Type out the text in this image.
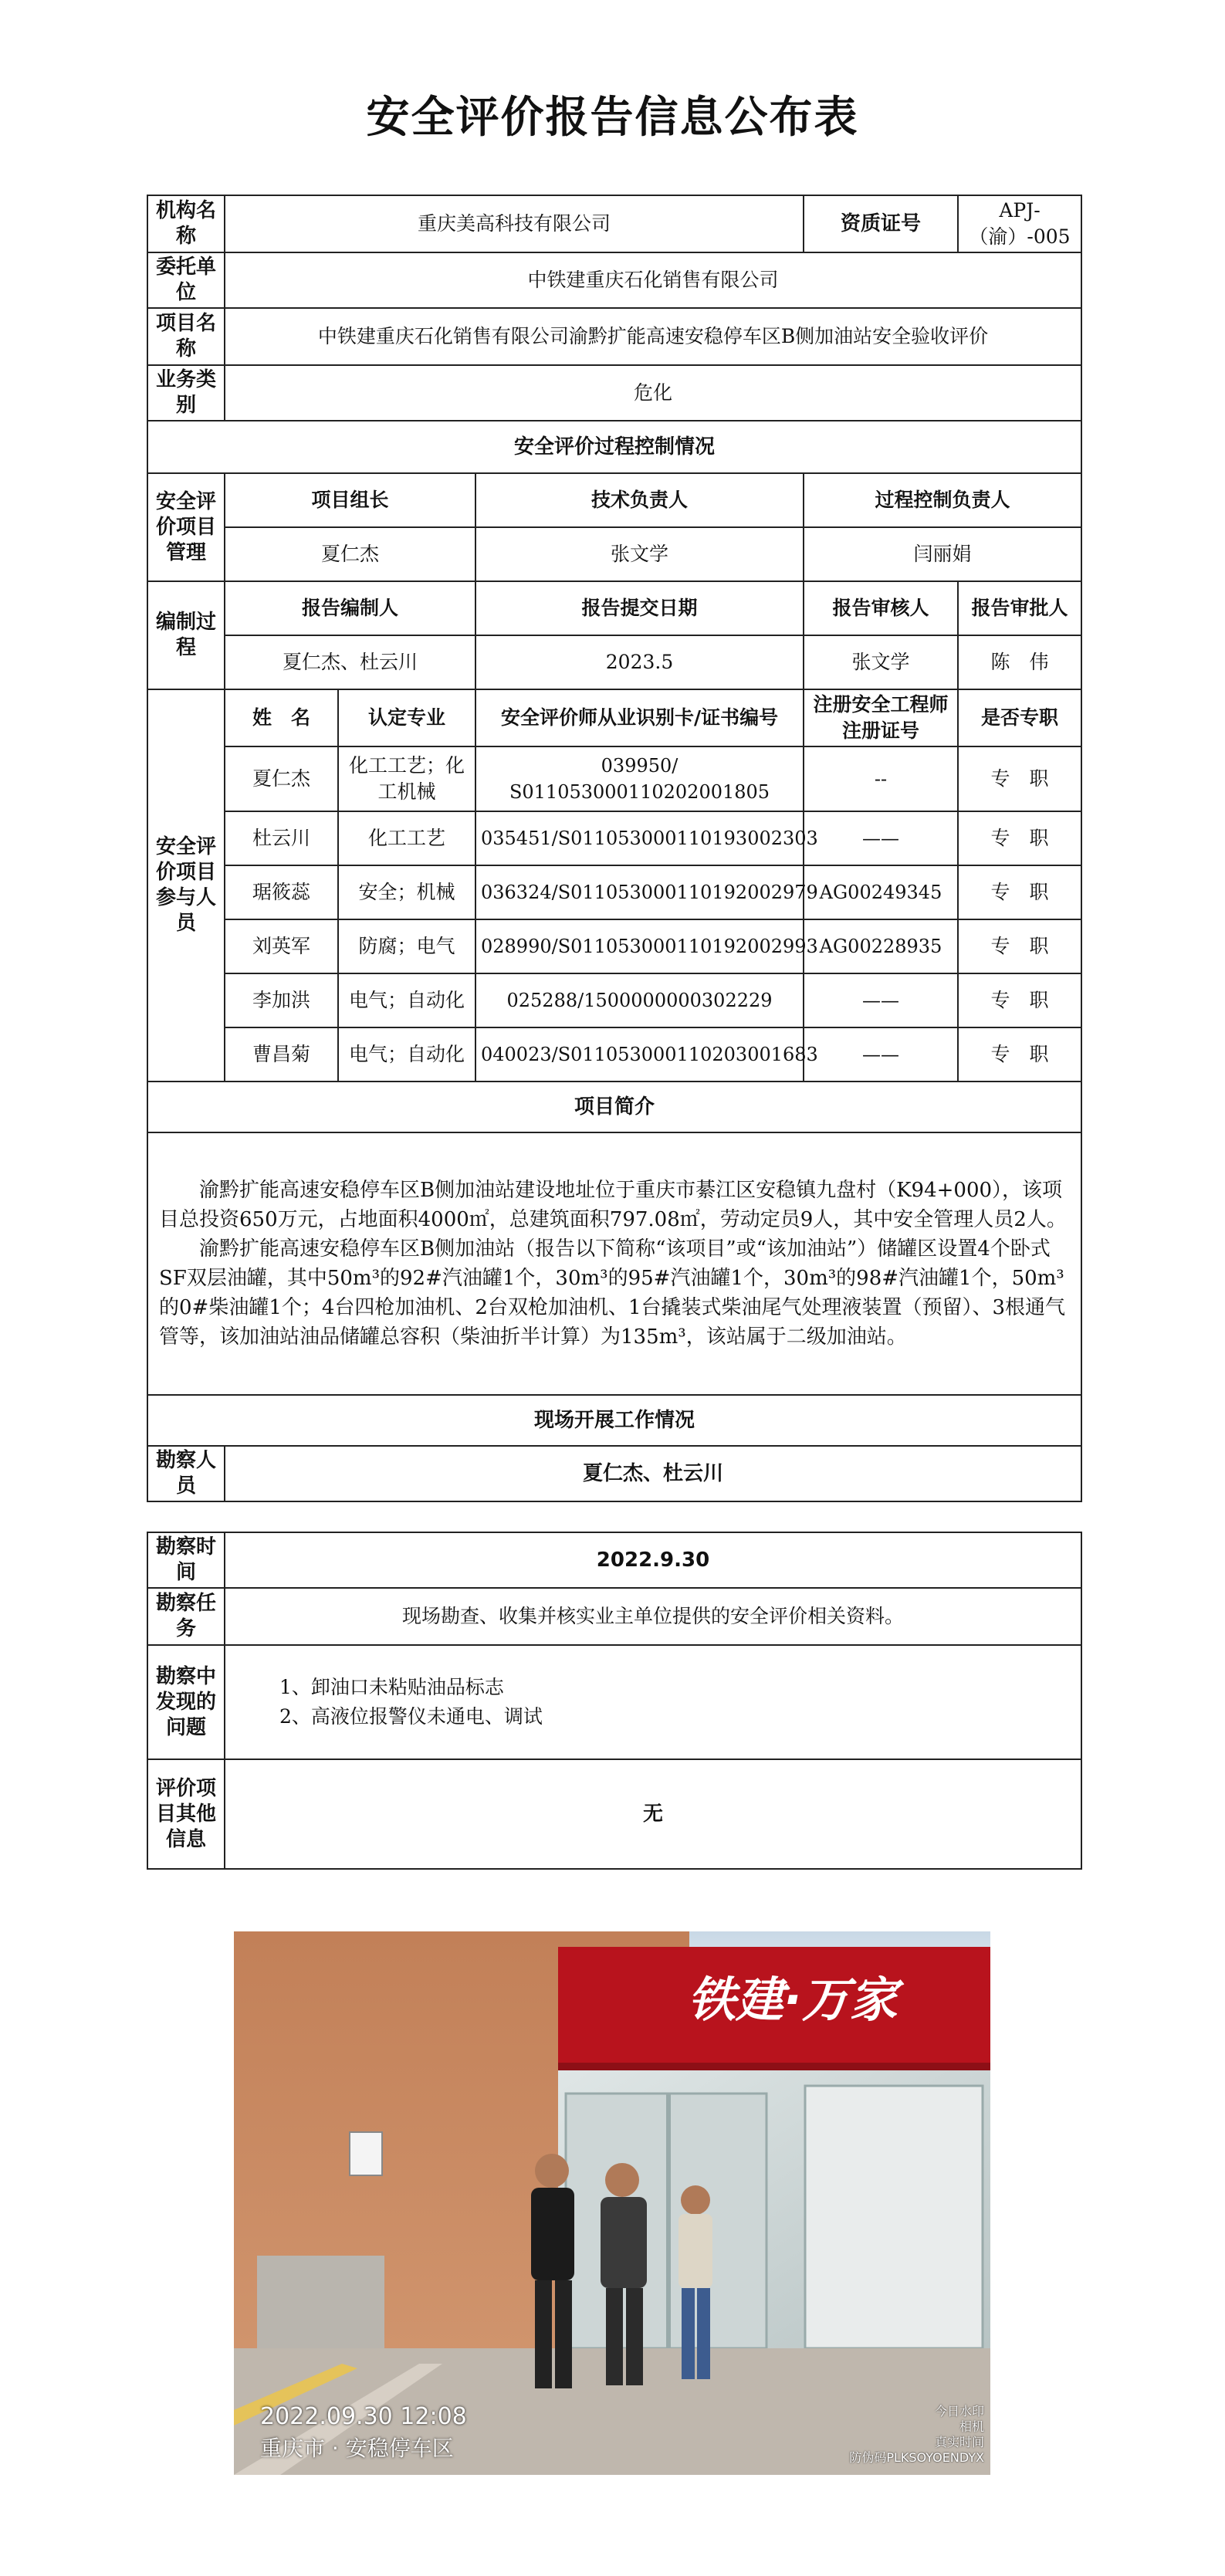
安全评价报告信息公布表
机构名称	重庆美高科技有限公司			资质证号	APJ-（渝）-005
委托单位	中铁建重庆石化销售有限公司				
项目名称	中铁建重庆石化销售有限公司渝黔扩能高速安稳停车区B侧加油站安全验收评价				
业务类别	危化				
安全评价过程控制情况					
安全评价项目管理	项目组长		技术负责人	过程控制负责人	
	夏仁杰		张文学	闫丽娟	
编制过程	报告编制人		报告提交日期	报告审核人	报告审批人
	夏仁杰、杜云川		2023.5	张文学	陈　伟
安全评价项目参与人员	姓　名	认定专业	安全评价师从业识别卡/证书编号	注册安全工程师注册证号	是否专职
	夏仁杰	化工工艺；化工机械	039950/ S011053000110202001805	--	专　职
	杜云川	化工工艺	035451/S011053000110193002303	——	专　职
	琚筱蕊	安全；机械	036324/S011053000110192002979	AG00249345	专　职
	刘英军	防腐；电气	028990/S011053000110192002993	AG00228935	专　职
	李加洪	电气；自动化	025288/1500000000302229	——	专　职
	曹昌菊	电气；自动化	040023/S011053000110203001683	——	专　职
项目简介					

渝黔扩能高速安稳停车区B侧加油站建设地址位于重庆市綦江区安稳镇九盘村（K94+000），该项目总投资650万元，占地面积4000㎡，总建筑面积797.08㎡，劳动定员9人，其中安全管理人员2人。

渝黔扩能高速安稳停车区B侧加油站（报告以下简称“该项目”或“该加油站”）储罐区设置4个卧式SF双层油罐，其中50m³的92#汽油罐1个，30m³的95#汽油罐1个，30m³的98#汽油罐1个，50m³的0#柴油罐1个；4台四枪加油机、2台双枪加油机、1台撬装式柴油尾气处理液装置（预留）、3根通气管等，该加油站油品储罐总容积（柴油折半计算）为135m³，该站属于二级加油站。					

现场开展工作情况					
勘察人员	夏仁杰、杜云川				
勘察时间	2022.9.30
勘察任务	现场勘查、收集并核实业主单位提供的安全评价相关资料。
勘察中发现的问题	1、卸油口未粘贴油品标志
2、高液位报警仪未通电、调试

评价项目其他信息	无
铁建·万家
2022.09.30 12:08
重庆市 · 安稳停车区
今日水印
相机
真实时间
防伪码PLKSOYOENDYX
